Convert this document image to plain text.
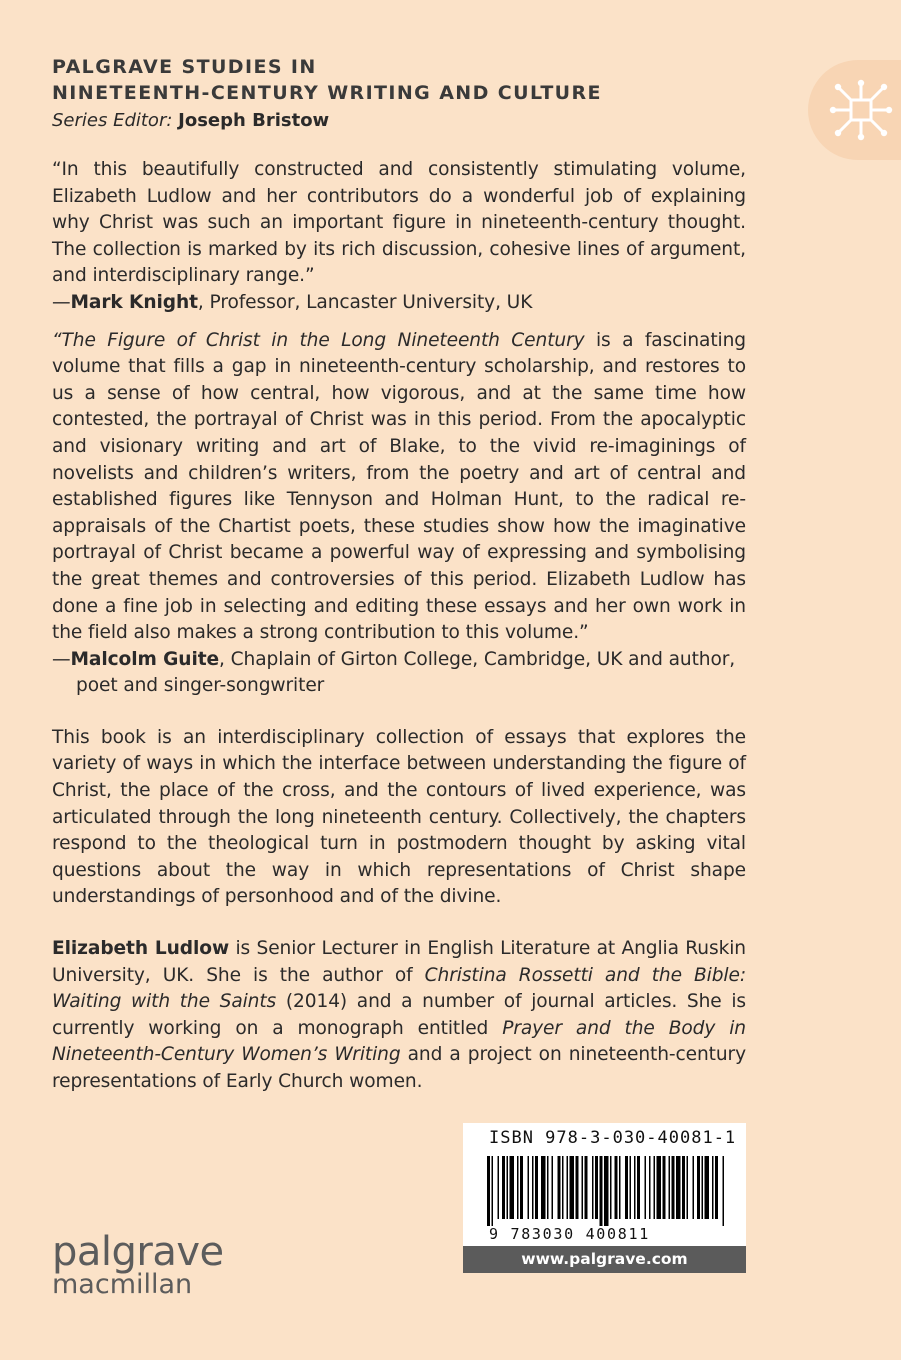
PALGRAVE STUDIES IN
NINETEENTH-CENTURY WRITING AND CULTURE
Series Editor: Joseph Bristow

“In this beautifully constructed and consistently stimulating volume, Elizabeth Ludlow and her contributors do a wonderful job of explaining why Christ was such an important figure in nineteenth-century thought. The collection is marked by its rich discussion, cohesive lines of argument, and interdisciplinary range.”

—Mark Knight, Professor, Lancaster University, UK

“The Figure of Christ in the Long Nineteenth Century is a fascinating volume that fills a gap in nineteenth-century scholarship, and restores to us a sense of how central, how vigorous, and at the same time how contested, the portrayal of Christ was in this period. From the apocalyptic and visionary writing and art of Blake, to the vivid re-imaginings of novelists and children’s writers, from the poetry and art of central and established figures like Tennyson and Holman Hunt, to the radical re-appraisals of the Chartist poets, these studies show how the imaginative portrayal of Christ became a powerful way of expressing and symbolising the great themes and controversies of this period. Elizabeth Ludlow has done a fine job in selecting and editing these essays and her own work in the field also makes a strong contribution to this volume.”

—Malcolm Guite, Chaplain of Girton College, Cambridge, UK and author,

poet and singer-songwriter

This book is an interdisciplinary collection of essays that explores the variety of ways in which the interface between understanding the figure of Christ, the place of the cross, and the contours of lived experience, was articulated through the long nineteenth century. Collectively, the chapters respond to the theological turn in postmodern thought by asking vital questions about the way in which representations of Christ shape understandings of personhood and of the divine.

Elizabeth Ludlow is Senior Lecturer in English Literature at Anglia Ruskin University, UK. She is the author of Christina Rossetti and the Bible: Waiting with the Saints (2014) and a number of journal articles. She is currently working on a monograph entitled Prayer and the Body in Nineteenth-Century Women’s Writing and a project on nineteenth-century representations of Early Church women.

ISBN 978-3-030-40081-1
9 783030 400811
www.palgrave.com
palgrave
macmillan
